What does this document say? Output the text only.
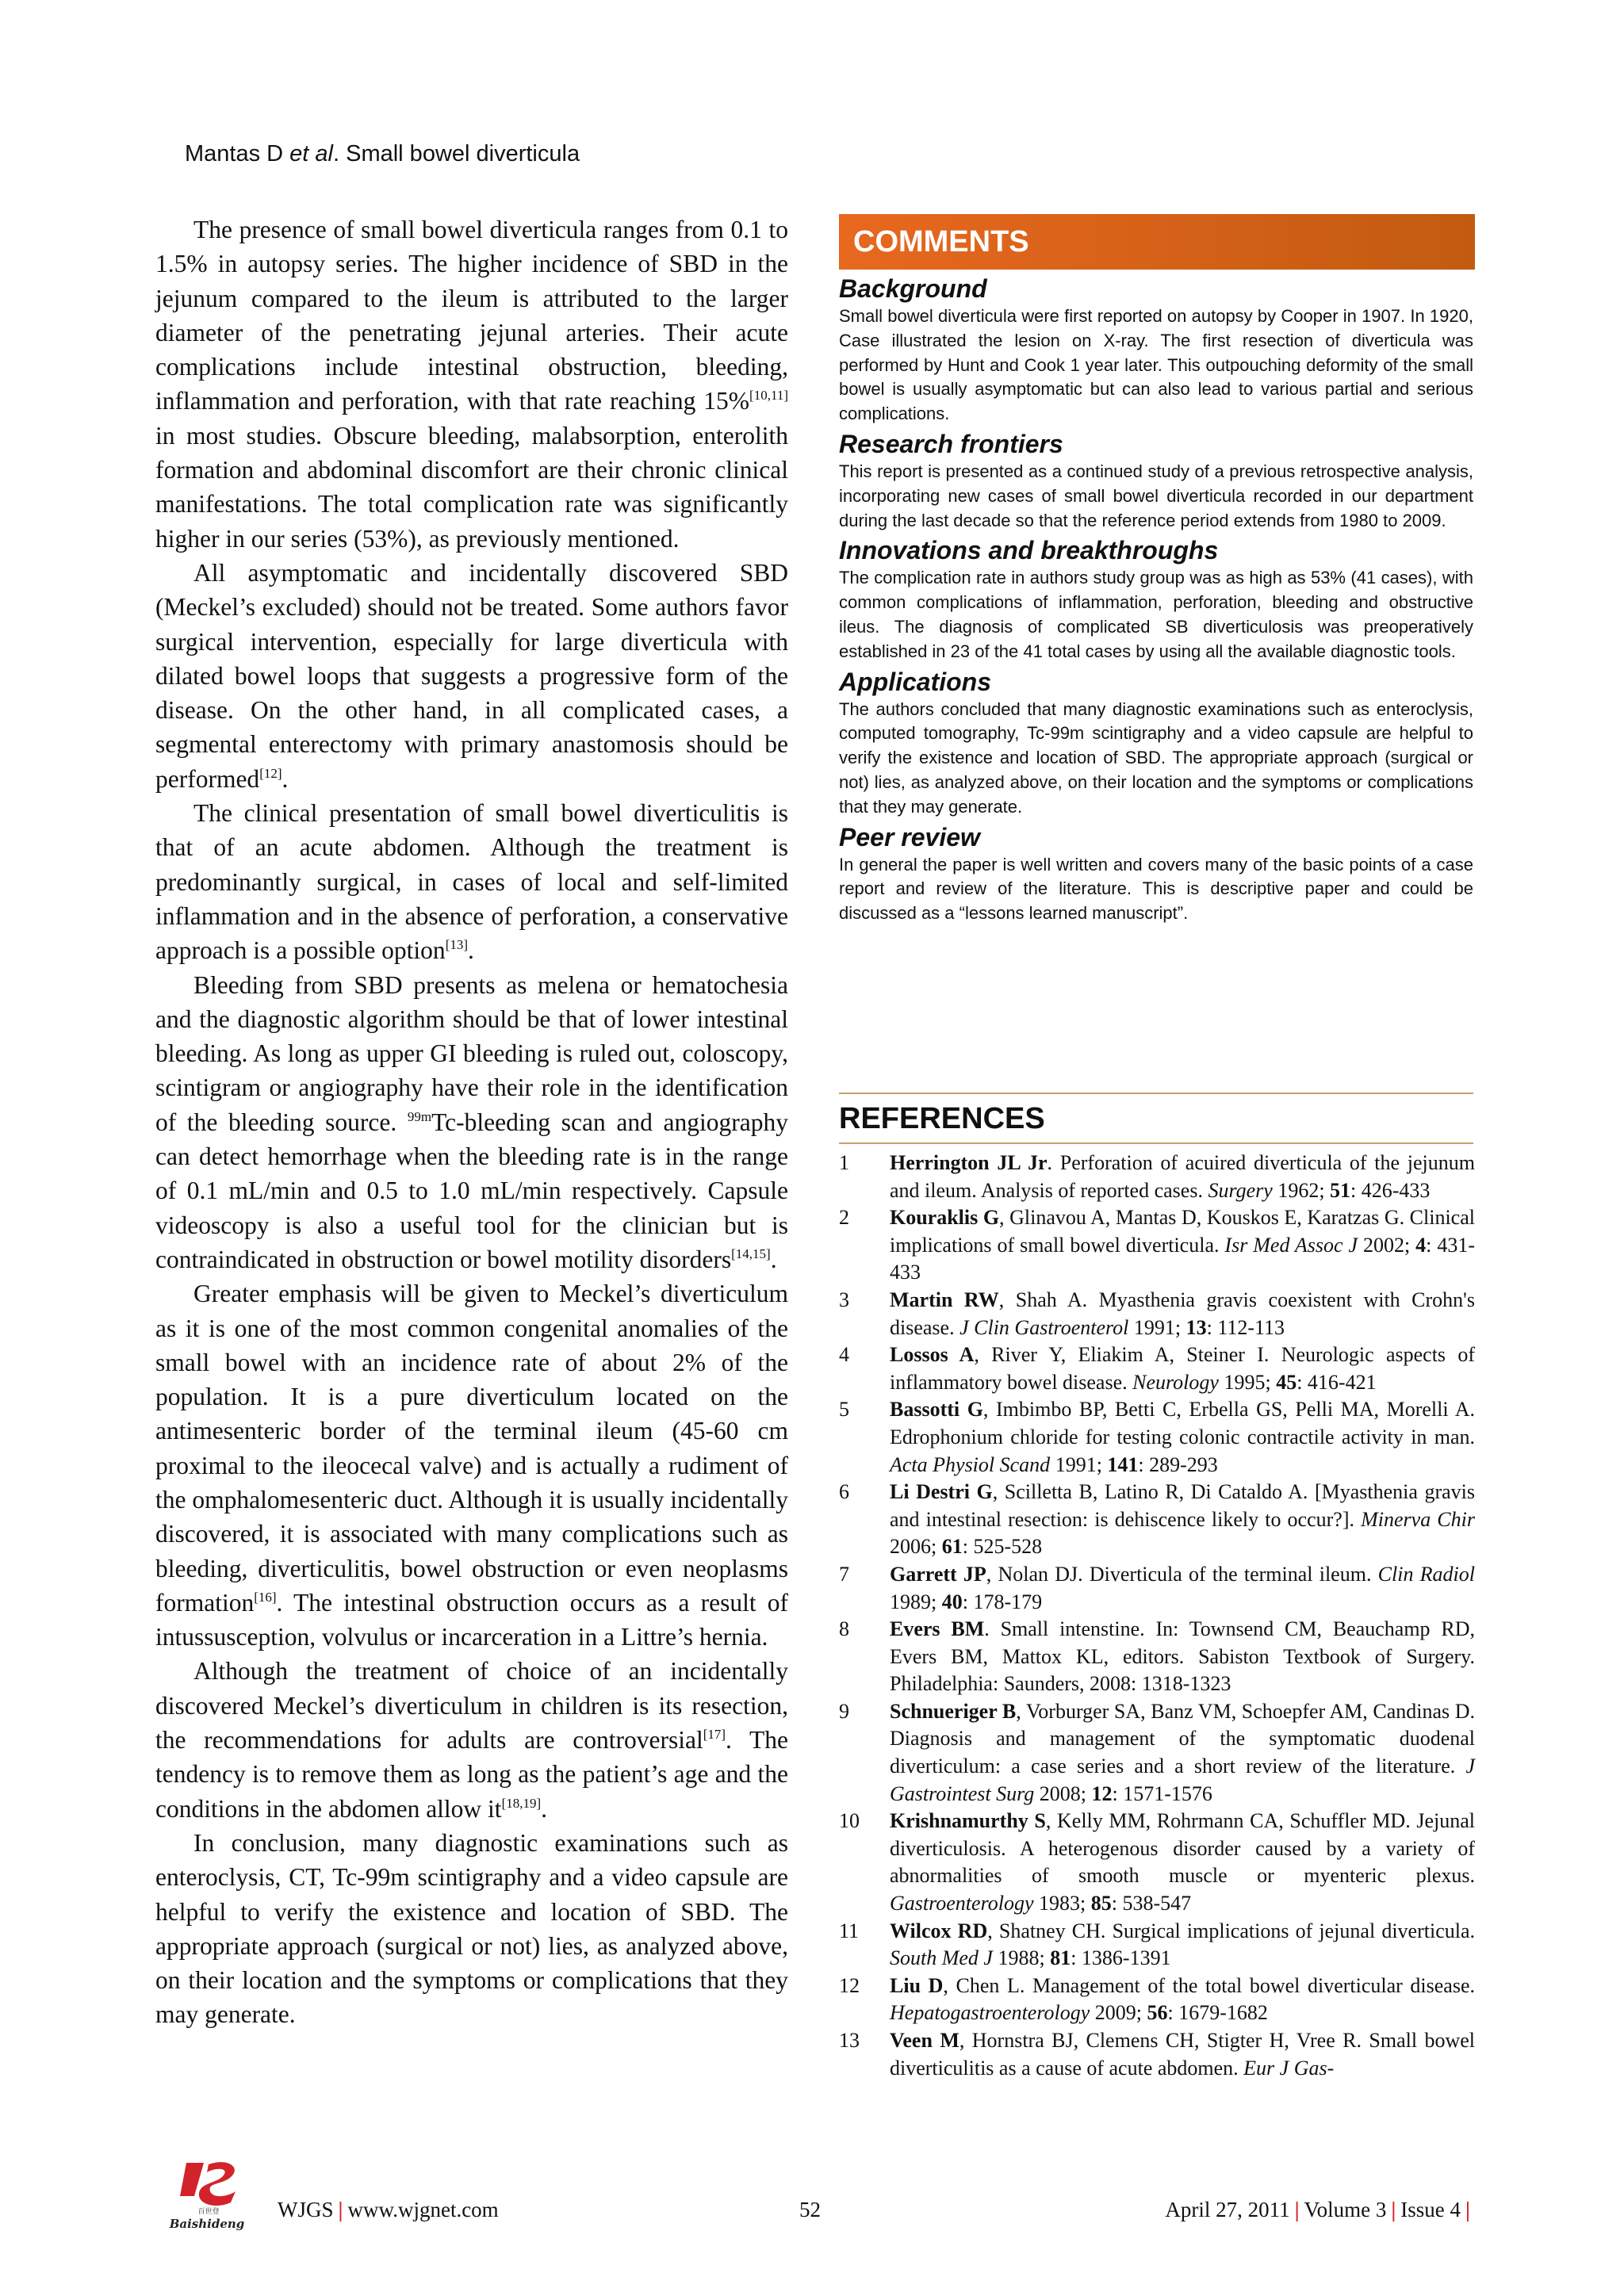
Mantas D et al. Small bowel diverticula

The presence of small bowel diverticula ranges from 0.1 to 1.5% in autopsy series. The higher incidence of SBD in the jejunum compared to the ileum is attributed to the larger diameter of the penetrating jejunal arteries. Their acute complications include intestinal obstruction, bleeding, inflammation and perforation, with that rate reaching 15%[10,11] in most studies. Obscure bleeding, malabsorption, enterolith formation and abdominal discomfort are their chronic clinical manifestations. The total complication rate was significantly higher in our series (53%), as previously mentioned.

All asymptomatic and incidentally discovered SBD (Meckel’s excluded) should not be treated. Some authors favor surgical intervention, especially for large diverticula with dilated bowel loops that suggests a progressive form of the disease. On the other hand, in all complicated cases, a segmental enterectomy with primary anastomosis should be performed[12].

The clinical presentation of small bowel diverticulitis is that of an acute abdomen. Although the treatment is predominantly surgical, in cases of local and self-limited inflammation and in the absence of perforation, a conservative approach is a possible option[13].

Bleeding from SBD presents as melena or hematochesia and the diagnostic algorithm should be that of lower intestinal bleeding. As long as upper GI bleeding is ruled out, coloscopy, scintigram or angiography have their role in the identification of the bleeding source. $^{99m}$Tc-bleeding scan and angiography can detect hemorrhage when the bleeding rate is in the range of 0.1 mL/min and 0.5 to 1.0 mL/min respectively. Capsule videoscopy is also a useful tool for the clinician but is contraindicated in obstruction or bowel motility disorders[14,15].

Greater emphasis will be given to Meckel’s diverticulum as it is one of the most common congenital anomalies of the small bowel with an incidence rate of about 2% of the population. It is a pure diverticulum located on the antimesenteric border of the terminal ileum (45-60 cm proximal to the ileocecal valve) and is actually a rudiment of the omphalomesenteric duct. Although it is usually incidentally discovered, it is associated with many complications such as bleeding, diverticulitis, bowel obstruction or even neoplasms formation[16]. The intestinal obstruction occurs as a result of intussusception, volvulus or incarceration in a Littre’s hernia.

Although the treatment of choice of an incidentally discovered Meckel’s diverticulum in children is its resection, the recommendations for adults are controversial[17]. The tendency is to remove them as long as the patient’s age and the conditions in the abdomen allow it[18,19].

In conclusion, many diagnostic examinations such as enteroclysis, CT, Tc-99m scintigraphy and a video capsule are helpful to verify the existence and location of SBD. The appropriate approach (surgical or not) lies, as analyzed above, on their location and the symptoms or complications that they may generate.

COMMENTS
Background

Small bowel diverticula were first reported on autopsy by Cooper in 1907. In 1920, Case illustrated the lesion on X-ray. The first resection of diverticula was performed by Hunt and Cook 1 year later. This outpouching deformity of the small bowel is usually asymptomatic but can also lead to various partial and serious complications.

Research frontiers

This report is presented as a continued study of a previous retrospective analysis, incorporating new cases of small bowel diverticula recorded in our department during the last decade so that the reference period extends from 1980 to 2009.

Innovations and breakthroughs

The complication rate in authors study group was as high as 53% (41 cases), with common complications of inflammation, perforation, bleeding and obstructive ileus. The diagnosis of complicated SB diverticulosis was preoperatively established in 23 of the 41 total cases by using all the available diagnostic tools.

Applications

The authors concluded that many diagnostic examinations such as enteroclysis, computed tomography, Tc-99m scintigraphy and a video capsule are helpful to verify the existence and location of SBD. The appropriate approach (surgical or not) lies, as analyzed above, on their location and the symptoms or complications that they may generate.

Peer review

In general the paper is well written and covers many of the basic points of a case report and review of the literature. This is descriptive paper and could be discussed as a “lessons learned manuscript”.

REFERENCES
1	Herrington JL Jr. Perforation of acuired diverticula of the jejunum and ileum. Analysis of reported cases. Surgery 1962; 51: 426-433
2	Kouraklis G, Glinavou A, Mantas D, Kouskos E, Karatzas G. Clinical implications of small bowel diverticula. Isr Med Assoc J 2002; 4: 431-433
3	Martin RW, Shah A. Myasthenia gravis coexistent with Crohn's disease. J Clin Gastroenterol 1991; 13: 112-113
4	Lossos A, River Y, Eliakim A, Steiner I. Neurologic aspects of inflammatory bowel disease. Neurology 1995; 45: 416-421
5	Bassotti G, Imbimbo BP, Betti C, Erbella GS, Pelli MA, Morelli A. Edrophonium chloride for testing colonic contractile activity in man. Acta Physiol Scand 1991; 141: 289-293
6	Li Destri G, Scilletta B, Latino R, Di Cataldo A. [Myasthenia gravis and intestinal resection: is dehiscence likely to occur?]. Minerva Chir 2006; 61: 525-528
7	Garrett JP, Nolan DJ. Diverticula of the terminal ileum. Clin Radiol 1989; 40: 178-179
8	Evers BM. Small intenstine. In: Townsend CM, Beauchamp RD, Evers BM, Mattox KL, editors. Sabiston Textbook of Surgery. Philadelphia: Saunders, 2008: 1318-1323
9	Schnueriger B, Vorburger SA, Banz VM, Schoepfer AM, Candinas D. Diagnosis and management of the symptomatic duodenal diverticulum: a case series and a short review of the literature. J Gastrointest Surg 2008; 12: 1571-1576
10	Krishnamurthy S, Kelly MM, Rohrmann CA, Schuffler MD. Jejunal diverticulosis. A heterogenous disorder caused by a variety of abnormalities of smooth muscle or myenteric plexus. Gastroenterology 1983; 85: 538-547
11	Wilcox RD, Shatney CH. Surgical implications of jejunal diverticula. South Med J 1988; 81: 1386-1391
12	Liu D, Chen L. Management of the total bowel diverticular disease. Hepatogastroenterology 2009; 56: 1679-1682
13	Veen M, Hornstra BJ, Clemens CH, Stigter H, Vree R. Small bowel diverticulitis as a cause of acute abdomen. Eur J Gas-
百世登
Baishideng
WJGS | www.wjgnet.com	52	April 27, 2011 | Volume 3 | Issue 4 |
